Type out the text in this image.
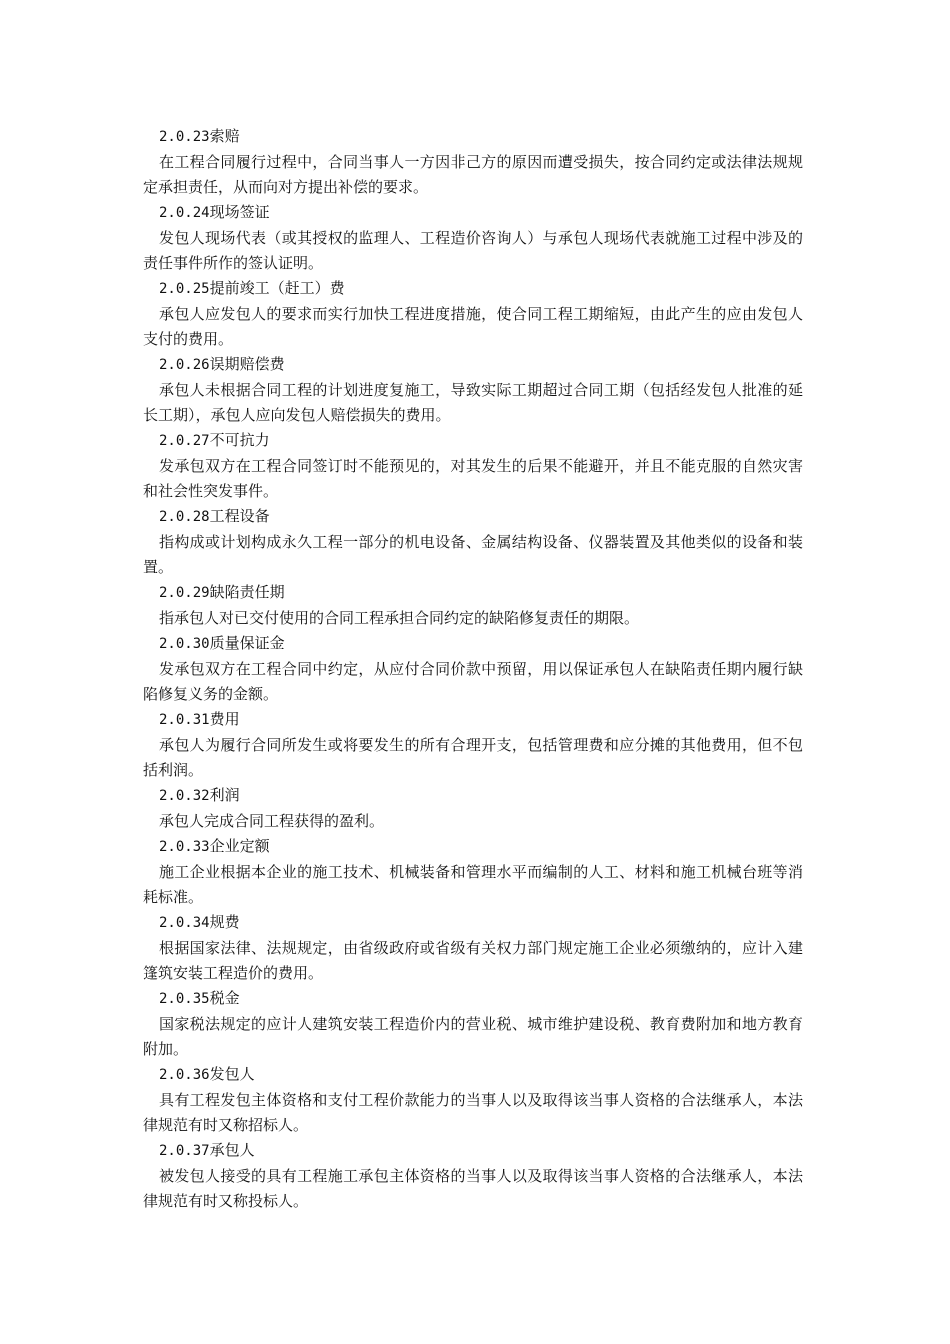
2.0.23索赔

在工程合同履行过程中，合同当事人一方因非己方的原因而遭受损失，按合同约定或法律法规规定承担责任，从而向对方提出补偿的要求。

2.0.24现场签证

发包人现场代表（或其授权的监理人、工程造价咨询人）与承包人现场代表就施工过程中涉及的责任事件所作的签认证明。

2.0.25提前竣工（赶工）费

承包人应发包人的要求而实行加快工程进度措施，使合同工程工期缩短，由此产生的应由发包人支付的费用。

2.0.26误期赔偿费

承包人未根据合同工程的计划进度复施工，导致实际工期超过合同工期（包括经发包人批准的延长工期），承包人应向发包人赔偿损失的费用。

2.0.27不可抗力

发承包双方在工程合同签订时不能预见的，对其发生的后果不能避开，并且不能克服的自然灾害和社会性突发事件。

2.0.28工程设备

指构成或计划构成永久工程一部分的机电设备、金属结构设备、仪器装置及其他类似的设备和装置。

2.0.29缺陷责任期

指承包人对已交付使用的合同工程承担合同约定的缺陷修复责任的期限。

2.0.30质量保证金

发承包双方在工程合同中约定，从应付合同价款中预留，用以保证承包人在缺陷责任期内履行缺陷修复义务的金额。

2.0.31费用

承包人为履行合同所发生或将要发生的所有合理开支，包括管理费和应分摊的其他费用，但不包括利润。

2.0.32利润

承包人完成合同工程获得的盈利。

2.0.33企业定额

施工企业根据本企业的施工技术、机械装备和管理水平而编制的人工、材料和施工机械台班等消耗标准。

2.0.34规费

根据国家法律、法规规定，由省级政府或省级有关权力部门规定施工企业必须缴纳的，应计入建篷筑安装工程造价的费用。

2.0.35税金

国家税法规定的应计人建筑安装工程造价内的营业税、城市维护建设税、教育费附加和地方教育附加。

2.0.36发包人

具有工程发包主体资格和支付工程价款能力的当事人以及取得该当事人资格的合法继承人，本法律规范有时又称招标人。

2.0.37承包人

被发包人接受的具有工程施工承包主体资格的当事人以及取得该当事人资格的合法继承人，本法律规范有时又称投标人。
